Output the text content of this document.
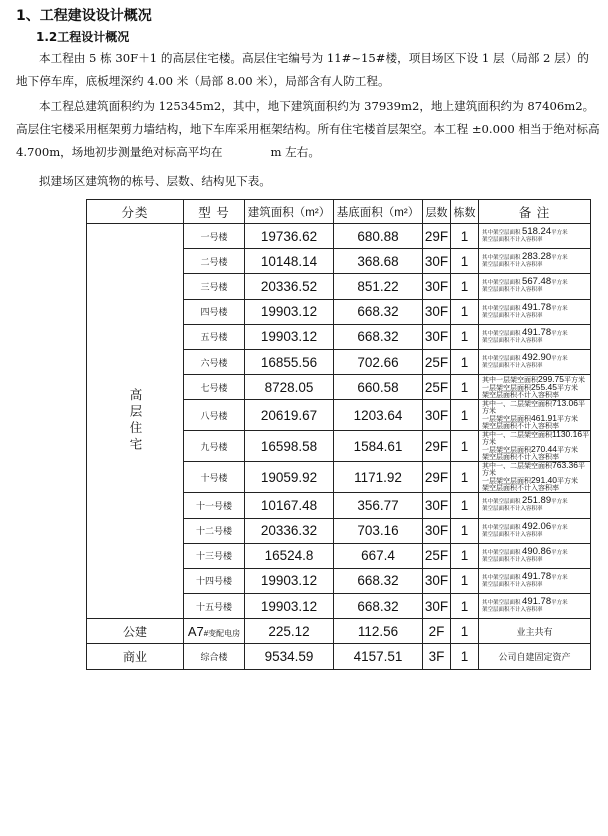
1、工程建设设计概况
1.2工程设计概况
本工程由 5 栋 30F＋1 的高层住宅楼。高层住宅编号为 11#~15#楼，项目场区下设 1 层（局部 2 层）的地下停车库，底板埋深约 4.00 米（局部 8.00 米），局部含有人防工程。
本工程总建筑面积约为 125345m2，其中，地下建筑面积约为 37939m2，地上建筑面积约为 87406m2。高层住宅楼采用框架剪力墙结构，地下车库采用框架结构。所有住宅楼首层架空。本工程 ±0.000 相当于绝对标高 4.700m，场地初步测量绝对标高平均在	m 左右。
拟建场区建筑物的栋号、层数、结构见下表。
分类	型 号	建筑面积（m²）	基底面积（m²）	层数	栋数	备 注
高层住宅	一号楼	19736.62	680.88	29F	1	其中架空层面积 518.24平方米
架空层面积不计入容积率
	二号楼	10148.14	368.68	30F	1	其中架空层面积 283.28平方米
架空层面积不计入容积率
	三号楼	20336.52	851.22	30F	1	其中架空层面积 567.48平方米
架空层面积不计入容积率
	四号楼	19903.12	668.32	30F	1	其中架空层面积 491.78平方米
架空层面积不计入容积率
	五号楼	19903.12	668.32	30F	1	其中架空层面积 491.78平方米
架空层面积不计入容积率
	六号楼	16855.56	702.66	25F	1	其中架空层面积 492.90平方米
架空层面积不计入容积率
	七号楼	8728.05	660.58	25F	1	其中一层架空面积299.75平方米
一层架空层面积255.45平方米
架空层面积不计入容积率
	八号楼	20619.67	1203.64	30F	1	其中一、二层架空面积713.06平方米
一层架空层面积461.91平方米
架空层面积不计入容积率
	九号楼	16598.58	1584.61	29F	1	其中一、二层架空面积1130.16平方米
一层架空层面积270.44平方米
架空层面积不计入容积率
	十号楼	19059.92	1171.92	29F	1	其中一、二层架空面积763.36平方米
一层架空层面积291.40平方米
架空层面积不计入容积率
	十一号楼	10167.48	356.77	30F	1	其中架空层面积 251.89平方米
架空层面积不计入容积率
	十二号楼	20336.32	703.16	30F	1	其中架空层面积 492.06平方米
架空层面积不计入容积率
	十三号楼	16524.8	667.4	25F	1	其中架空层面积 490.86平方米
架空层面积不计入容积率
	十四号楼	19903.12	668.32	30F	1	其中架空层面积 491.78平方米
架空层面积不计入容积率
	十五号楼	19903.12	668.32	30F	1	其中架空层面积 491.78平方米
架空层面积不计入容积率
公建	A7#变配电房	225.12	112.56	2F	1	业主共有
商业	综合楼	9534.59	4157.51	3F	1	公司自建固定资产
